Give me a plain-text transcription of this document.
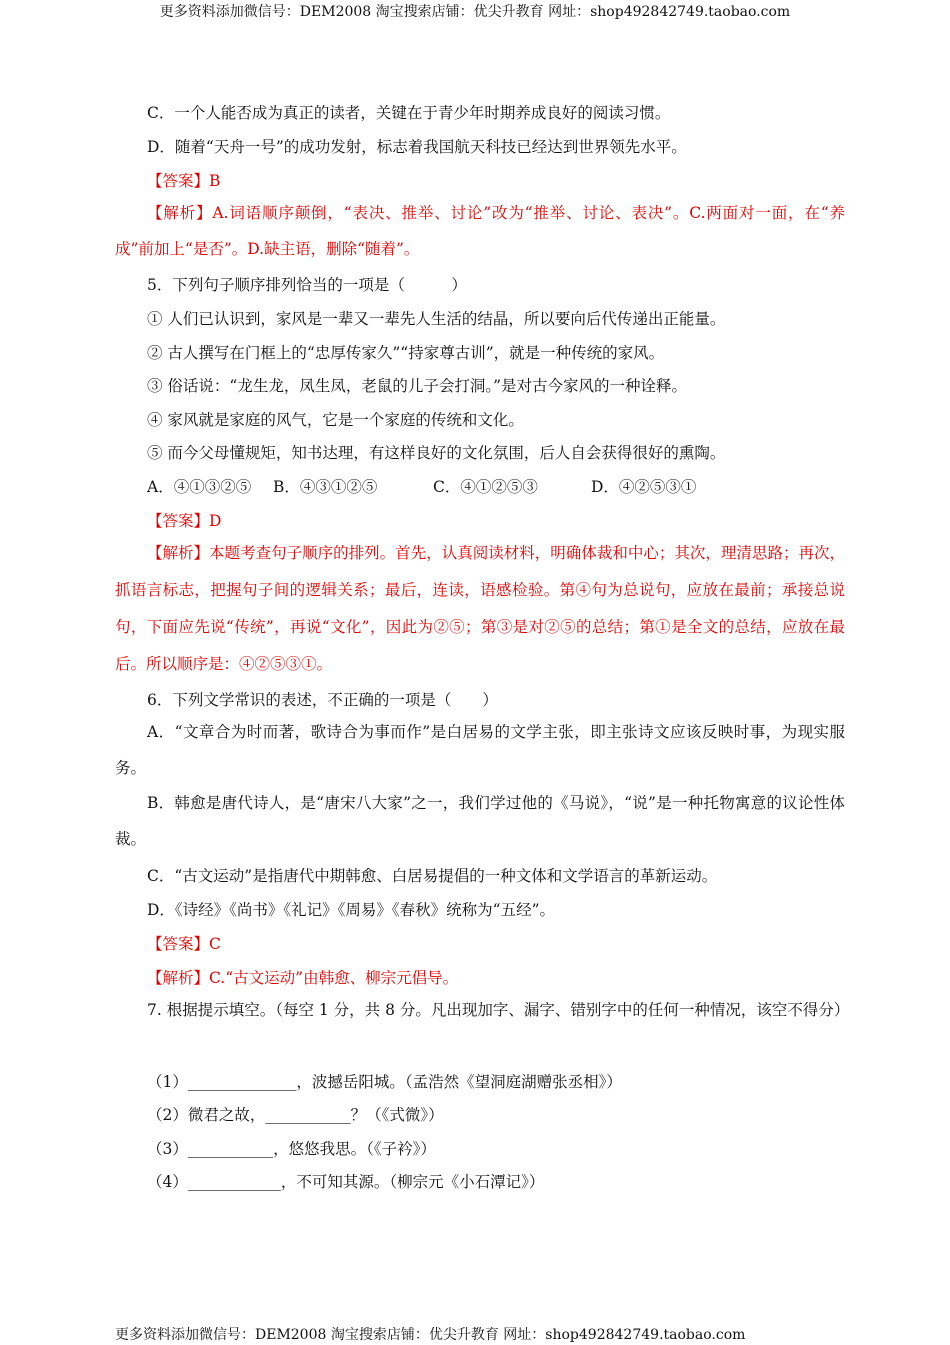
更多资料添加微信号：DEM2008 淘宝搜索店铺：优尖升教育 网址：shop492842749.taobao.com
C．一个人能否成为真正的读者，关键在于青少年时期养成良好的阅读习惯。
D．随着“天舟一号”的成功发射，标志着我国航天科技已经达到世界领先水平。
【答案】B
【解析】A.词语顺序颠倒，“表决、推举、讨论”改为“推举、讨论、表决”。C.两面对一面，在“养成”前加上“是否”。D.缺主语，删除“随着”。
5．下列句子顺序排列恰当的一项是（　　　）
① 人们已认识到，家风是一辈又一辈先人生活的结晶，所以要向后代传递出正能量。
② 古人撰写在门框上的“忠厚传家久”“持家尊古训”，就是一种传统的家风。
③ 俗话说：“龙生龙，凤生凤，老鼠的儿子会打洞。”是对古今家风的一种诠释。
④ 家风就是家庭的风气，它是一个家庭的传统和文化。
⑤ 而今父母懂规矩，知书达理，有这样良好的文化氛围，后人自会获得很好的熏陶。
A．④①③②⑤ B．④③①②⑤	C．④①②⑤③	D．④②⑤③①
【答案】D
【解析】本题考查句子顺序的排列。首先，认真阅读材料，明确体裁和中心；其次，理清思路；再次，抓语言标志，把握句子间的逻辑关系；最后，连读，语感检验。第④句为总说句，应放在最前；承接总说句，下面应先说“传统”，再说“文化”，因此为②⑤；第③是对②⑤的总结；第①是全文的总结，应放在最后。所以顺序是：④②⑤③①。
6．下列文学常识的表述，不正确的一项是（　　）
A．“文章合为时而著，歌诗合为事而作”是白居易的文学主张，即主张诗文应该反映时事，为现实服务。
B．韩愈是唐代诗人，是“唐宋八大家”之一，我们学过他的《马说》，“说”是一种托物寓意的议论性体裁。
C．“古文运动”是指唐代中期韩愈、白居易提倡的一种文体和文学语言的革新运动。
D．《诗经》《尚书》《礼记》《周易》《春秋》统称为“五经”。
【答案】C
【解析】C.“古文运动”由韩愈、柳宗元倡导。
7. 根据提示填空。（每空 1 分，共 8 分。凡出现加字、漏字、错别字中的任何一种情况，该空不得分）
（1）______________，波撼岳阳城。（孟浩然《望洞庭湖赠张丞相》）
（2）微君之故，___________？（《式微》）
（3）___________，悠悠我思。（《子衿》）
（4）____________，不可知其源。（柳宗元《小石潭记》）
更多资料添加微信号：DEM2008 淘宝搜索店铺：优尖升教育 网址：shop492842749.taobao.com
